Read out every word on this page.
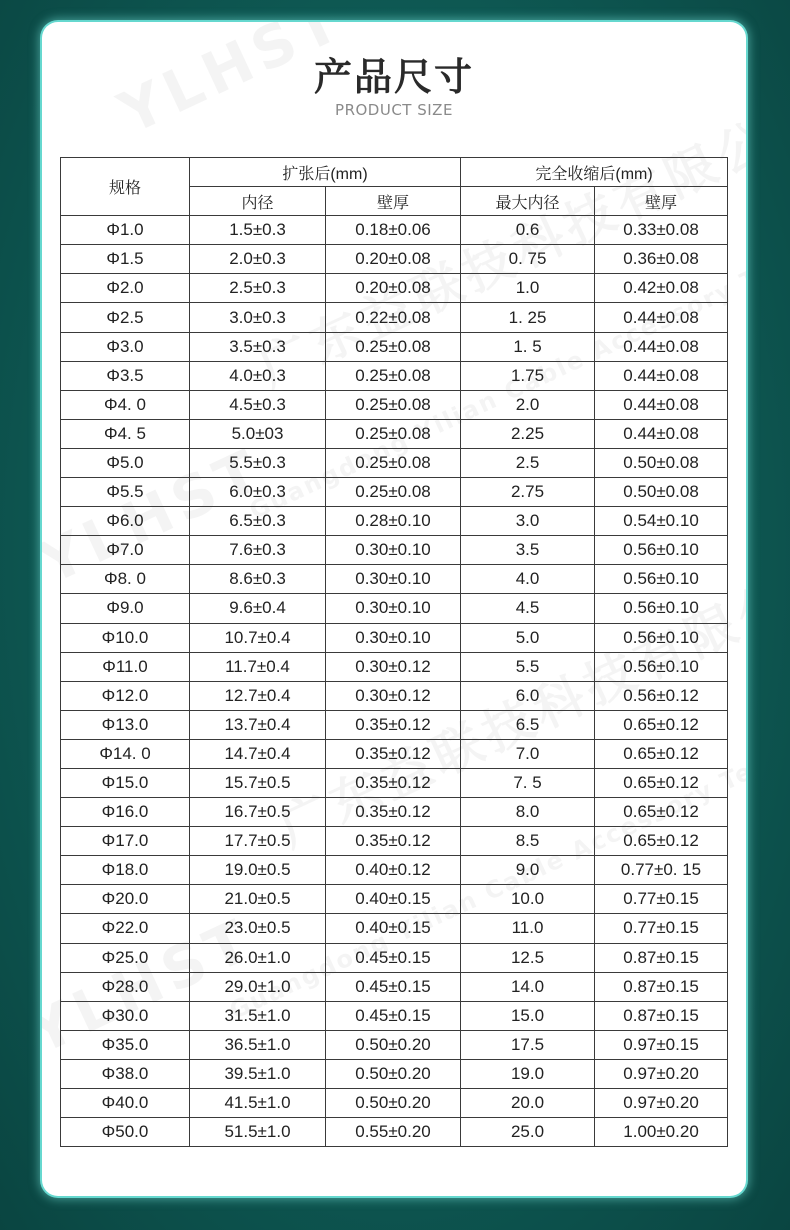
产品尺寸
PRODUCT SIZE
规格	扩张后(mm)		完全收缩后(mm)	
	内径	壁厚	最大内径	壁厚
Φ1.0	1.5±0.3	0.18±0.06	0.6	0.33±0.08
Φ1.5	2.0±0.3	0.20±0.08	0. 75	0.36±0.08
Φ2.0	2.5±0.3	0.20±0.08	1.0	0.42±0.08
Φ2.5	3.0±0.3	0.22±0.08	1. 25	0.44±0.08
Φ3.0	3.5±0.3	0.25±0.08	1. 5	0.44±0.08
Φ3.5	4.0±0.3	0.25±0.08	1.75	0.44±0.08
Φ4. 0	4.5±0.3	0.25±0.08	2.0	0.44±0.08
Φ4. 5	5.0±03	0.25±0.08	2.25	0.44±0.08
Φ5.0	5.5±0.3	0.25±0.08	2.5	0.50±0.08
Φ5.5	6.0±0.3	0.25±0.08	2.75	0.50±0.08
Φ6.0	6.5±0.3	0.28±0.10	3.0	0.54±0.10
Φ7.0	7.6±0.3	0.30±0.10	3.5	0.56±0.10
Φ8. 0	8.6±0.3	0.30±0.10	4.0	0.56±0.10
Φ9.0	9.6±0.4	0.30±0.10	4.5	0.56±0.10
Φ10.0	10.7±0.4	0.30±0.10	5.0	0.56±0.10
Φ11.0	11.7±0.4	0.30±0.12	5.5	0.56±0.10
Φ12.0	12.7±0.4	0.30±0.12	6.0	0.56±0.12
Φ13.0	13.7±0.4	0.35±0.12	6.5	0.65±0.12
Φ14. 0	14.7±0.4	0.35±0.12	7.0	0.65±0.12
Φ15.0	15.7±0.5	0.35±0.12	7. 5	0.65±0.12
Φ16.0	16.7±0.5	0.35±0.12	8.0	0.65±0.12
Φ17.0	17.7±0.5	0.35±0.12	8.5	0.65±0.12
Φ18.0	19.0±0.5	0.40±0.12	9.0	0.77±0. 15
Φ20.0	21.0±0.5	0.40±0.15	10.0	0.77±0.15
Φ22.0	23.0±0.5	0.40±0.15	11.0	0.77±0.15
Φ25.0	26.0±1.0	0.45±0.15	12.5	0.87±0.15
Φ28.0	29.0±1.0	0.45±0.15	14.0	0.87±0.15
Φ30.0	31.5±1.0	0.45±0.15	15.0	0.87±0.15
Φ35.0	36.5±1.0	0.50±0.20	17.5	0.97±0.15
Φ38.0	39.5±1.0	0.50±0.20	19.0	0.97±0.20
Φ40.0	41.5±1.0	0.50±0.20	20.0	0.97±0.20
Φ50.0	51.5±1.0	0.55±0.20	25.0	1.00±0.20
